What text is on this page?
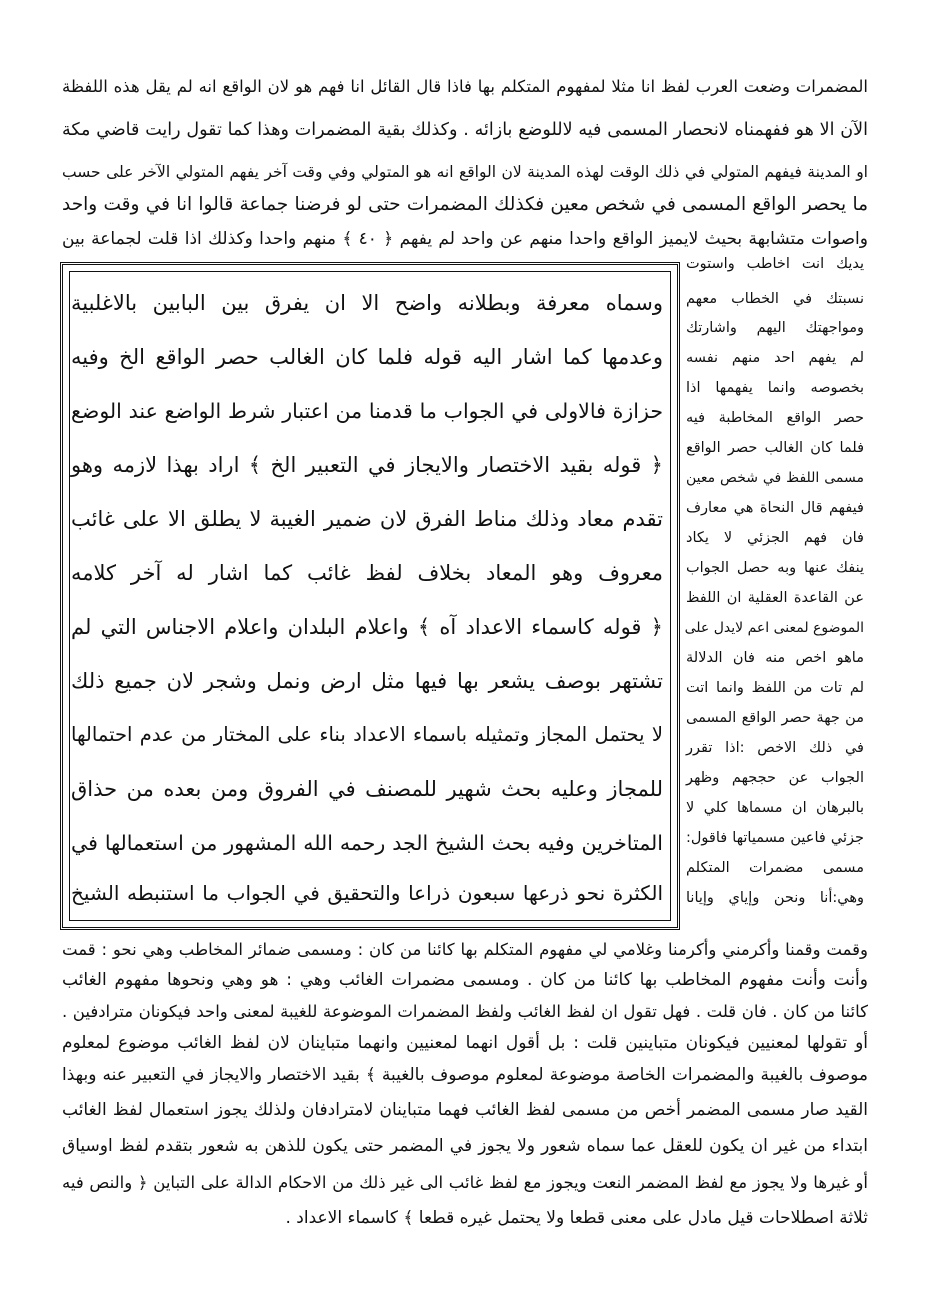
المضمرات وضعت العرب لفظ انا مثلا لمفهوم المتكلم بها فاذا قال القائل انا فهم هو لان الواقع انه لم يقل هذه اللفظة
الآن الا هو ففهمناه لانحصار المسمى فيه لاللوضع بازائه . وكذلك بقية المضمرات وهذا كما تقول رايت قاضي مكة
او المدينة فيفهم المتولي في ذلك الوقت لهذه المدينة لان الواقع انه هو المتولي وفي وقت آخر يفهم المتولي الآخر على حسب
ما يحصر الواقع المسمى في شخص معين فكذلك المضمرات حتى لو فرضنا جماعة قالوا انا في وقت واحد
واصوات متشابهة بحيث لايميز الواقع واحدا منهم عن واحد لم يفهم ﴿ ٤٠ ﴾ منهم واحدا وكذلك اذا قلت لجماعة بين
وسماه معرفة وبطلانه واضح الا ان يفرق بين البابين بالاغلبية
وعدمها كما اشار اليه قوله فلما كان الغالب حصر الواقع الخ وفيه
حزازة فالاولى في الجواب ما قدمنا من اعتبار شرط الواضع عند الوضع
﴿ قوله بقيد الاختصار والايجاز في التعبير الخ ﴾ اراد بهذا لازمه وهو
تقدم معاد وذلك مناط الفرق لان ضمير الغيبة لا يطلق الا على غائب
معروف وهو المعاد بخلاف لفظ غائب كما اشار له آخر كلامه
﴿ قوله كاسماء الاعداد آه ﴾ واعلام البلدان واعلام الاجناس التي لم
تشتهر بوصف يشعر بها فيها مثل ارض ونمل وشجر لان جميع ذلك
لا يحتمل المجاز وتمثيله باسماء الاعداد بناء على المختار من عدم احتمالها
للمجاز وعليه بحث شهير للمصنف في الفروق ومن بعده من حذاق
المتاخرين وفيه بحث الشيخ الجد رحمه الله المشهور من استعمالها في
الكثرة نحو ذرعها سبعون ذراعا والتحقيق في الجواب ما استنبطه الشيخ
يديك انت اخاطب واستوت
نسبتك في الخطاب معهم
ومواجهتك اليهم واشارتك
لم يفهم احد منهم نفسه
بخصوصه وانما يفهمها اذا
حصر الواقع المخاطبة فيه
فلما كان الغالب حصر الواقع
مسمى اللفظ في شخص معين
فيفهم قال النحاة هي معارف
فان فهم الجزئي لا يكاد
ينفك عنها وبه حصل الجواب
عن القاعدة العقلية ان اللفظ
الموضوع لمعنى اعم لايدل على
ماهو اخص منه فان الدلالة
لم تات من اللفظ وانما اتت
من جهة حصر الواقع المسمى
في ذلك الاخص :اذا تقرر
الجواب عن حججهم وظهر
بالبرهان ان مسماها كلي لا
جزئي فاعين مسمياتها فاقول:
مسمى مضمرات المتكلم
وهي:أنا ونحن وإياي وإيانا
وقمت وقمنا وأكرمني وأكرمنا وغلامي لي مفهوم المتكلم بها كائنا من كان : ومسمى ضمائر المخاطب وهي نحو : قمت
وأنت وأنت مفهوم المخاطب بها كائنا من كان . ومسمى مضمرات الغائب وهي : هو وهي ونحوها مفهوم الغائب
كائنا من كان . فان قلت . فهل تقول ان لفظ الغائب ولفظ المضمرات الموضوعة للغيبة لمعنى واحد فيكونان مترادفين .
أو تقولها لمعنيين فيكونان متباينين قلت : بل أقول انهما لمعنيين وانهما متباينان لان لفظ الغائب موضوع لمعلوم
موصوف بالغيبة والمضمرات الخاصة موضوعة لمعلوم موصوف بالغيبة ﴾ بقيد الاختصار والايجاز في التعبير عنه وبهذا
القيد صار مسمى المضمر أخص من مسمى لفظ الغائب فهما متباينان لامترادفان ولذلك يجوز استعمال لفظ الغائب
ابتداء من غير ان يكون للعقل عما سماه شعور ولا يجوز في المضمر حتى يكون للذهن به شعور بتقدم لفظ اوسياق
أو غيرها ولا يجوز مع لفظ المضمر النعت ويجوز مع لفظ غائب الى غير ذلك من الاحكام الدالة على التباين ﴿ والنص فيه
ثلاثة اصطلاحات قيل مادل على معنى قطعا ولا يحتمل غيره قطعا ﴾ كاسماء الاعداد .
